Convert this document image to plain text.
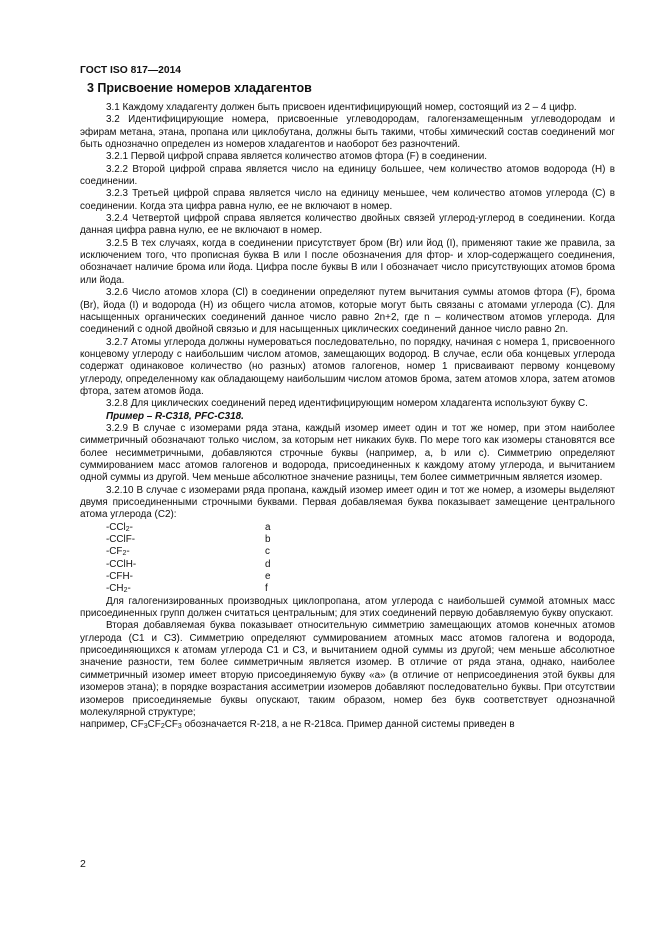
ГОСТ ISO 817—2014
3 Присвоение номеров хладагентов

3.1 Каждому хладагенту должен быть присвоен идентифицирующий номер, состоящий из 2 – 4 цифр.

3.2 Идентифицирующие номера, присвоенные углеводородам, галогензамещенным углеводородам и эфирам метана, этана, пропана или циклобутана, должны быть такими, чтобы химический состав соединений мог быть однозначно определен из номеров хладагентов и наоборот без разночтений.

3.2.1 Первой цифрой справа является количество атомов фтора (F) в соединении.

3.2.2 Второй цифрой справа является число на единицу большее, чем количество атомов водорода (H) в соединении.

3.2.3 Третьей цифрой справа является число на единицу меньшее, чем количество атомов углерода (C) в соединении. Когда эта цифра равна нулю, ее не включают в номер.

3.2.4 Четвертой цифрой справа является количество двойных связей углерод-углерод в соединении. Когда данная цифра равна нулю, ее не включают в номер.

3.2.5 В тех случаях, когда в соединении присутствует бром (Br) или йод (I), применяют такие же правила, за исключением того, что прописная буква B или I после обозначения для фтор- и хлор-содержащего соединения, обозначает наличие брома или йода. Цифра после буквы B или I обозначает число присутствующих атомов брома или йода.

3.2.6 Число атомов хлора (Cl) в соединении определяют путем вычитания суммы атомов фтора (F), брома (Br), йода (I) и водорода (H) из общего числа атомов, которые могут быть связаны с атомами углерода (C). Для насыщенных органических соединений данное число равно 2n+2, где n – количеством атомов углерода. Для соединений с одной двойной связью и для насыщенных циклических соединений данное число равно 2n.

3.2.7 Атомы углерода должны нумероваться последовательно, по порядку, начиная с номера 1, присвоенного концевому углероду с наибольшим числом атомов, замещающих водород. В случае, если оба концевых углерода содержат одинаковое количество (но разных) атомов галогенов, номер 1 присваивают первому концевому углероду, определенному как обладающему наибольшим числом атомов брома, затем атомов хлора, затем атомов фтора, затем атомов йода.

3.2.8 Для циклических соединений перед идентифицирующим номером хладагента используют букву C.

Пример – R-C318, PFC-C318.

3.2.9 В случае с изомерами ряда этана, каждый изомер имеет один и тот же номер, при этом наиболее симметричный обозначают только числом, за которым нет никаких букв. По мере того как изомеры становятся все более несимметричными, добавляются строчные буквы (например, a, b или c). Симметрию определяют суммированием масс атомов галогенов и водорода, присоединенных к каждому атому углерода, и вычитанием одной суммы из другой. Чем меньше абсолютное значение разницы, тем более симметричным является изомер.

3.2.10 В случае с изомерами ряда пропана, каждый изомер имеет один и тот же номер, а изомеры выделяют двумя присоединенными строчными буквами. Первая добавляемая буква показывает замещение центрального атома углерода (C2):

-CCl$_2$-	a
-CClF-	b
$-CF_2-$	c
-CClH-	d
-CFH-	e
$-CH_2-$	f

Для галогенизированных производных циклопропана, атом углерода с наибольшей суммой атомных масс присоединенных групп должен считаться центральным; для этих соединений первую добавляемую букву опускают.

Вторая добавляемая буква показывает относительную симметрию замещающих атомов конечных атомов углерода (C1 и C3). Симметрию определяют суммированием атомных масс атомов галогена и водорода, присоединяющихся к атомам углерода C1 и C3, и вычитанием одной суммы из другой; чем меньше абсолютное значение разности, тем более симметричным является изомер. В отличие от ряда этана, однако, наиболее симметричный изомер имеет вторую присоединяемую букву «a» (в отличие от неприсоединения этой буквы для изомеров этана); в порядке возрастания ассиметрии изомеров добавляют последовательно буквы. При отсутствии изомеров присоединяемые буквы опускают, таким образом, номер без букв соответствует однозначной молекулярной структуре;

например, $CF_3CF_2CF_3$ обозначается R-218, а не R-218ca. Пример данной системы приведен в

2
